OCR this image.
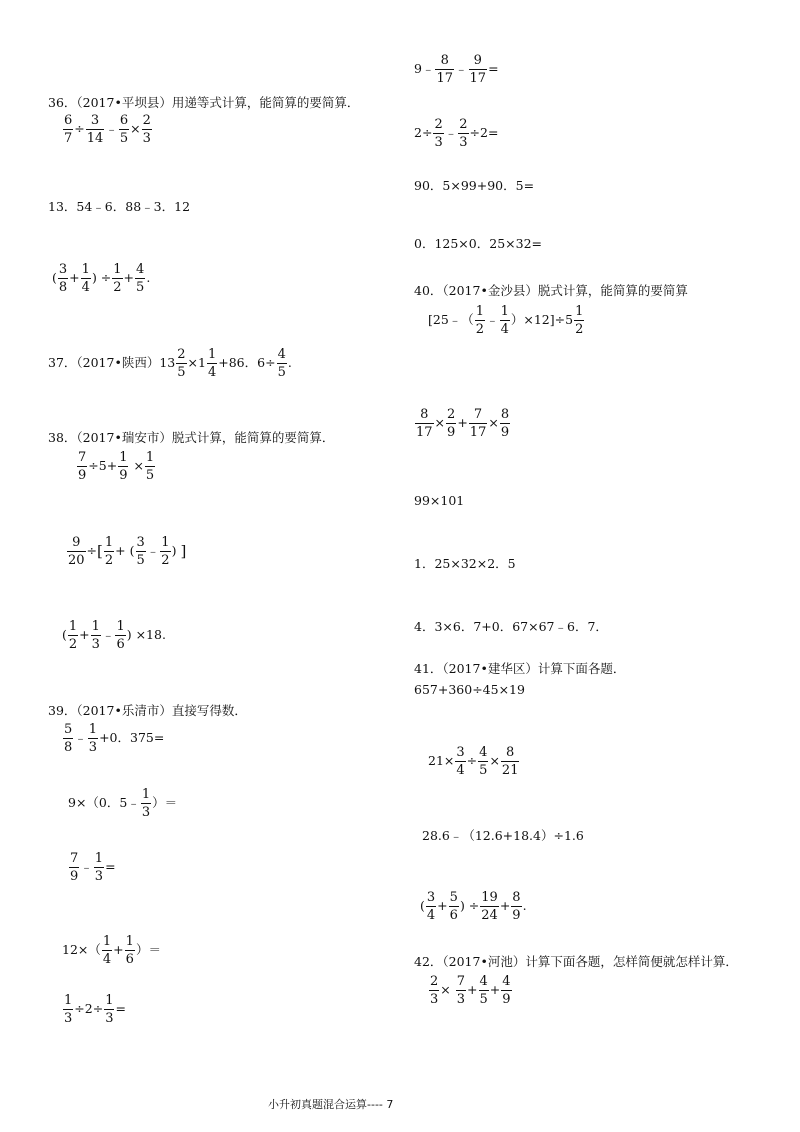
36．（2017•平坝县）用递等式计算，能简算的要简算．
6
7
÷
3
14
﹣
6
5
×
2
3
13．54﹣6．88﹣3．12
(
3
8
+
1
4
) ÷
1
2
+
4
5
.
37．（2017•陕西） 13
2
5
× 1
1
4
+86．6÷
4
5
.
38．（2017•瑞安市）脱式计算，能简算的要简算．
7
9
÷5+
1
9
×
1
5
9
20
÷ [ 1
2
+ (
3
5
﹣
1
2
) ]
(
1
2
+
1
3
﹣
1
6
) ×18.
39．（2017•乐清市）直接写得数．
5
8
﹣
1
3
+0．375=
9×（0．5﹣
1
3
）＝
7
9
﹣
1
3
=
12×（
1
4
+
1
6
）＝
1
3
÷2÷
1
3
=
9﹣
8
17
﹣
9
17
=
$2\div \frac{2}{3}$ ﹣
2
3
÷2=
90．5×99+90．5=
0．125×0．25×32=
40．（2017•金沙县）脱式计算，能简算的要简算
[25﹣（
1
2
﹣
1
4
）×12]÷5
1
2
8
17
×
2
9
+
7
17
×
8
9
99×101
1．25×32×2．5
4．3×6．7+0．67×67﹣6．7．
41．（2017•建华区）计算下面各题．
657+360÷45×19
21×
3
4
÷
4
5
×
8
21
28.6﹣（12.6+18.4）÷1.6
(
3
4
+
5
6
) ÷
19
24
+
8
9
.
42．（2017•河池）计算下面各题，怎样简便就怎样计算．
2
3
×
7
3
+
4
5
+
4
9
小升初真题混合运算---- 7
